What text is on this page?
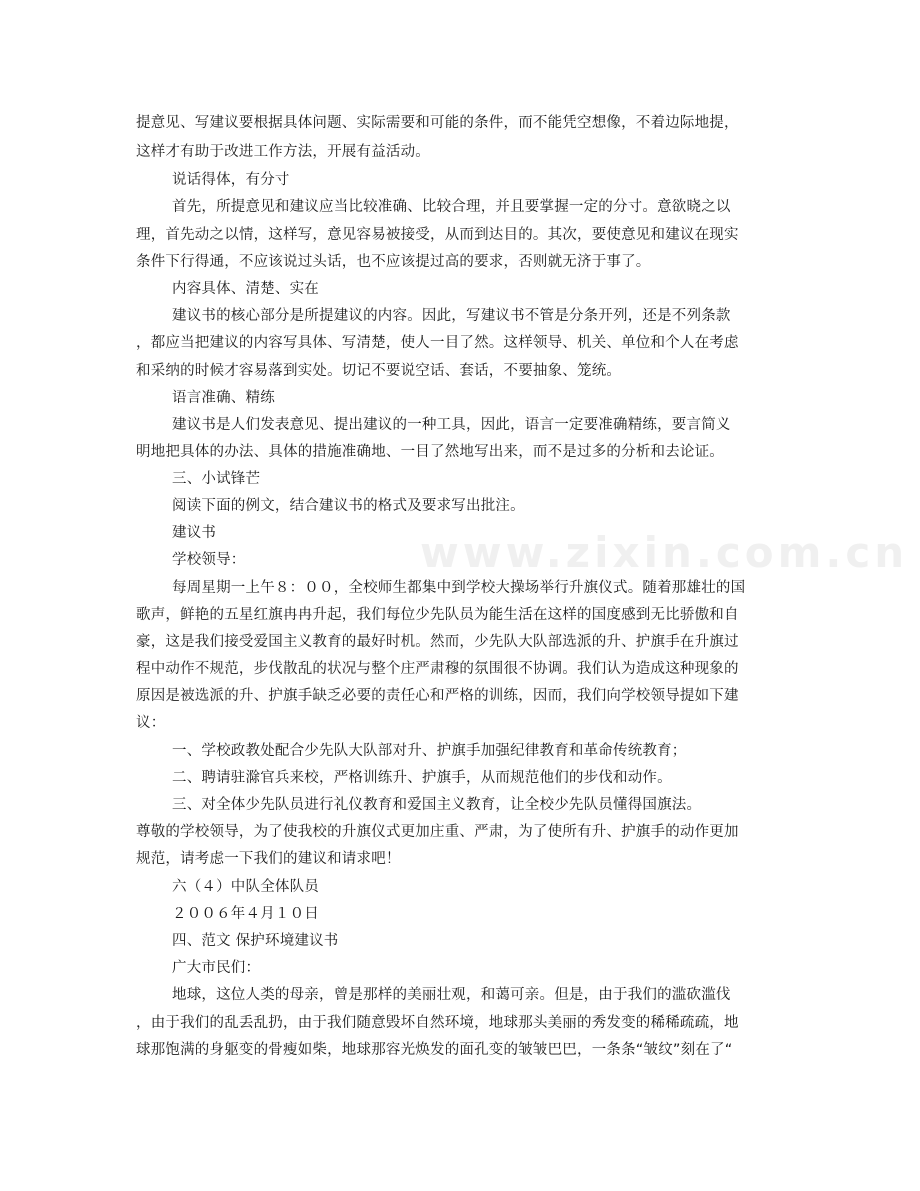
www.zixin.com.cn
提意见、写建议要根据具体问题、实际需要和可能的条件，而不能凭空想像，不着边际地提，
这样才有助于改进工作方法，开展有益活动。
说话得体，有分寸
首先，所提意见和建议应当比较准确、比较合理，并且要掌握一定的分寸。意欲晓之以
理，首先动之以情，这样写，意见容易被接受，从而到达目的。其次，要使意见和建议在现实
条件下行得通，不应该说过头话，也不应该提过高的要求，否则就无济于事了。
内容具体、清楚、实在
建议书的核心部分是所提建议的内容。因此，写建议书不管是分条开列，还是不列条款
，都应当把建议的内容写具体、写清楚，使人一目了然。这样领导、机关、单位和个人在考虑
和采纳的时候才容易落到实处。切记不要说空话、套话，不要抽象、笼统。
语言准确、精练
建议书是人们发表意见、提出建议的一种工具，因此，语言一定要准确精练，要言简义
明地把具体的办法、具体的措施准确地、一目了然地写出来，而不是过多的分析和去论证。
三、小试锋芒
阅读下面的例文，结合建议书的格式及要求写出批注。
建议书
学校领导：
每周星期一上午８：００，全校师生都集中到学校大操场举行升旗仪式。随着那雄壮的国
歌声，鲜艳的五星红旗冉冉升起，我们每位少先队员为能生活在这样的国度感到无比骄傲和自
豪，这是我们接受爱国主义教育的最好时机。然而，少先队大队部选派的升、护旗手在升旗过
程中动作不规范，步伐散乱的状况与整个庄严肃穆的氛围很不协调。我们认为造成这种现象的
原因是被选派的升、护旗手缺乏必要的责任心和严格的训练，因而，我们向学校领导提如下建
议：
一、学校政教处配合少先队大队部对升、护旗手加强纪律教育和革命传统教育；
二、聘请驻滁官兵来校，严格训练升、护旗手，从而规范他们的步伐和动作。
三、对全体少先队员进行礼仪教育和爱国主义教育，让全校少先队员懂得国旗法。
尊敬的学校领导，为了使我校的升旗仪式更加庄重、严肃，为了使所有升、护旗手的动作更加
规范，请考虑一下我们的建议和请求吧！
六（４）中队全体队员
２００６年４月１０日
四、范文 保护环境建议书
广大市民们：
地球，这位人类的母亲，曾是那样的美丽壮观，和蔼可亲。但是，由于我们的滥砍滥伐
，由于我们的乱丢乱扔，由于我们随意毁坏自然环境，地球那头美丽的秀发变的稀稀疏疏，地
球那饱满的身躯变的骨瘦如柴，地球那容光焕发的面孔变的皱皱巴巴，一条条“皱纹”刻在了“
